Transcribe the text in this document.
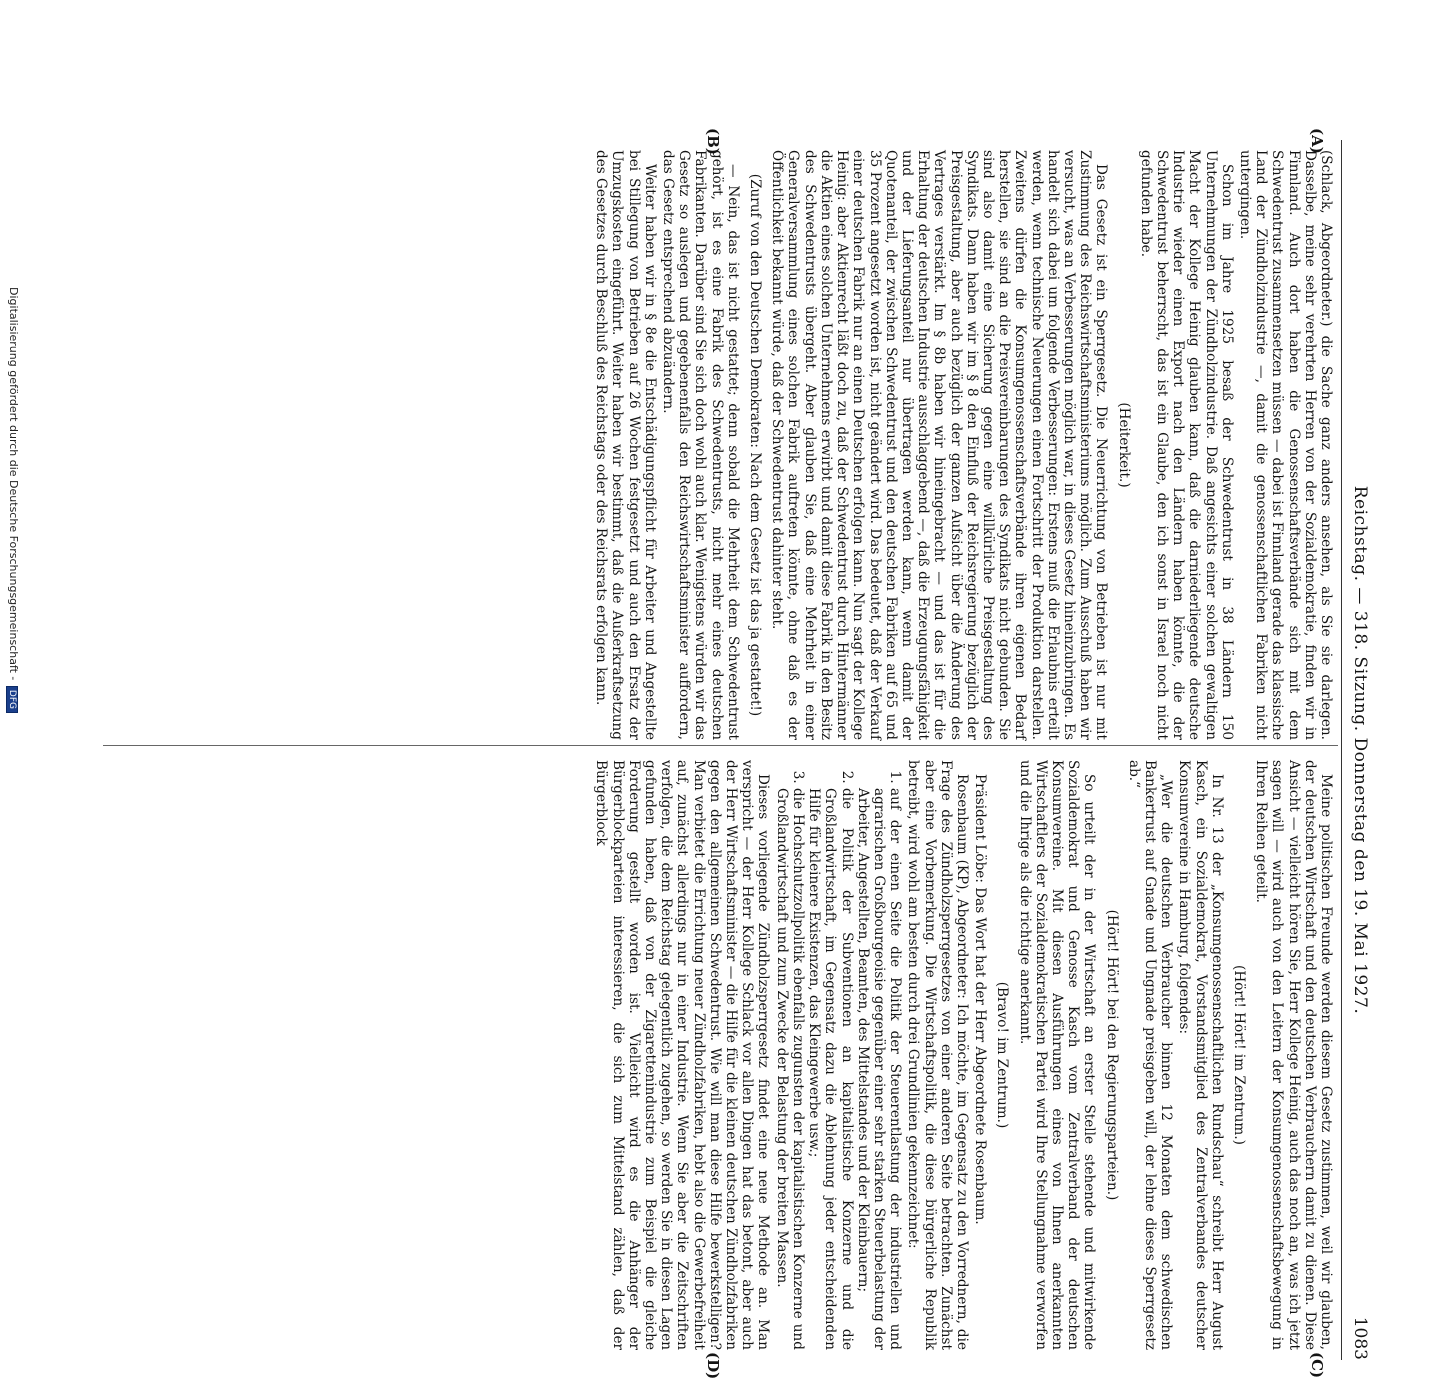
Reichstag. — 318. Sitzung. Donnerstag den 19. Mai 1927.
1083
(A)
(B)
(C)
(D)

(Schlack, Abgeordneter.) die Sache ganz anders ansehen, als Sie sie darlegen. Dasselbe, meine sehr verehrten Herren von der Sozialdemokratie, finden wir in Finnland. Auch dort haben die Genossenschaftsverbände sich mit dem Schwedentrust zusammensetzen müssen — dabei ist Finnland gerade das klassische Land der Zündholzindustrie —, damit die genossenschaftlichen Fabriken nicht untergingen.

Schon im Jahre 1925 besaß der Schwedentrust in 38 Ländern 150 Unternehmungen der Zündholzindustrie. Daß angesichts einer solchen gewaltigen Macht der Kollege Heinig glauben kann, daß die darniederliegende deutsche Industrie wieder einen Export nach den Ländern haben könnte, die der Schwedentrust beherrscht, das ist ein Glaube, den ich sonst in Israel noch nicht gefunden habe.

(Heiterkeit.)

Das Gesetz ist ein Sperrgesetz. Die Neuerrichtung von Betrieben ist nur mit Zustimmung des Reichswirtschaftsministeriums möglich. Zum Ausschuß haben wir versucht, was an Verbesserungen möglich war, in dieses Gesetz hineinzubringen. Es handelt sich dabei um folgende Verbesserungen: Erstens muß die Erlaubnis erteilt werden, wenn technische Neuerungen einen Fortschritt der Produktion darstellen. Zweitens dürfen die Konsumgenossenschaftsverbände ihren eigenen Bedarf herstellen, sie sind an die Preisvereinbarungen des Syndikats nicht gebunden. Sie sind also damit eine Sicherung gegen eine willkürliche Preisgestaltung des Syndikats. Dann haben wir im § 8 den Einfluß der Reichsregierung bezüglich der Preisgestaltung, aber auch bezüglich der ganzen Aufsicht über die Änderung des Vertrages verstärkt. Im § 8b haben wir hineingebracht — und das ist für die Erhaltung der deutschen Industrie ausschlaggebend —, daß die Erzeugungsfähigkeit und der Lieferungsanteil nur übertragen werden kann, wenn damit der Quotenanteil, der zwischen Schwedentrust und den deutschen Fabriken auf 65 und 35 Prozent angesetzt worden ist, nicht geändert wird. Das bedeutet, daß der Verkauf einer deutschen Fabrik nur an einen Deutschen erfolgen kann. Nun sagt der Kollege Heinig: aber Aktienrecht läßt doch zu, daß der Schwedentrust durch Hintermänner die Aktien eines solchen Unternehmens erwirbt und damit diese Fabrik in den Besitz des Schwedentrusts übergeht. Aber glauben Sie, daß eine Mehrheit in einer Generalversammlung eines solchen Fabrik auftreten könnte, ohne daß es der Öffentlichkeit bekannt würde, daß der Schwedentrust dahinter steht.

(Zuruf von den Deutschen Demokraten: Nach dem Gesetz ist das ja gestattet!)

— Nein, das ist nicht gestattet; denn sobald die Mehrheit dem Schwedentrust gehört, ist es eine Fabrik des Schwedentrusts, nicht mehr eines deutschen Fabrikanten. Darüber sind Sie sich doch wohl auch klar. Wenigstens würden wir das Gesetz so auslegen und gegebenenfalls den Reichswirtschaftsminister auffordern, das Gesetz entsprechend abzuändern.

Weiter haben wir in § 8e die Entschädigungspflicht für Arbeiter und Angestellte bei Stillegung von Betrieben auf 26 Wochen festgesetzt und auch den Ersatz der Umzugskosten eingeführt. Weiter haben wir bestimmt, daß die Außerkraftsetzung des Gesetzes durch Beschluß des Reichstags oder des Reichsrats erfolgen kann.

Meine politischen Freunde werden diesem Gesetz zustimmen, weil wir glauben, der deutschen Wirtschaft und den deutschen Verbrauchern damit zu dienen. Diese Ansicht — vielleicht hören Sie, Herr Kollege Heinig, auch das noch an, was ich jetzt sagen will — wird auch von den Leitern der Konsumgenossenschaftsbewegung in Ihren Reihen geteilt.

(Hört! Hört! im Zentrum.)

In Nr. 13 der „Konsumgenossenschaftlichen Rundschau“ schreibt Herr August Kasch, ein Sozialdemokrat, Vorstandsmitglied des Zentralverbandes deutscher Konsumvereine in Hamburg, folgendes:

„Wer die deutschen Verbraucher binnen 12 Monaten dem schwedischen Bankertrust auf Gnade und Ungnade preisgeben will, der lehne dieses Sperrgesetz ab.“

(Hört! Hört! bei den Regierungsparteien.)

So urteilt der in der Wirtschaft an erster Stelle stehende und mitwirkende Sozialdemokrat und Genosse Kasch vom Zentralverband der deutschen Konsumvereine. Mit diesen Ausführungen eines von Ihnen anerkannten Wirtschaftlers der Sozialdemokratischen Partei wird Ihre Stellungnahme verworfen und die Ihrige als die richtige anerkannt.

(Bravo! im Zentrum.)

Präsident Löbe: Das Wort hat der Herr Abgeordnete Rosenbaum.

Rosenbaum (KP), Abgeordneter: Ich möchte, im Gegensatz zu den Vorrednern, die Frage des Zündholzsperrgesetzes von einer anderen Seite betrachten. Zunächst aber eine Vorbemerkung. Die Wirtschaftspolitik, die diese bürgerliche Republik betreibt, wird wohl am besten durch drei Grundlinien gekennzeichnet:

1. auf der einen Seite die Politik der Steuerentlastung der industriellen und agrarischen Großbourgeoisie gegenüber einer sehr starken Steuerbelastung der Arbeiter, Angestellten, Beamten, des Mittelstandes und der Kleinbauern;
2. die Politik der Subventionen an kapitalistische Konzerne und die Großlandwirtschaft, im Gegensatz dazu die Ablehnung jeder entscheidenden Hilfe für kleinere Existenzen, das Kleingewerbe usw.;
3. die Hochschutzzollpolitik ebenfalls zugunsten der kapitalistischen Konzerne und Großlandwirtschaft und zum Zwecke der Belastung der breiten Massen.

Dieses vorliegende Zündholzsperrgesetz findet eine neue Methode an. Man verspricht — der Herr Kollege Schlack vor allen Dingen hat das betont, aber auch der Herr Wirtschaftsminister — die Hilfe für die kleinen deutschen Zündholzfabriken gegen den allgemeinen Schwedentrust. Wie will man diese Hilfe bewerkstelligen? Man verbietet die Errichtung neuer Zündholzfabriken, hebt also die Gewerbefreiheit auf, zunächst allerdings nur in einer Industrie. Wenn Sie aber die Zeitschriften verfolgen, die dem Reichstag gelegentlich zugehen, so werden Sie in diesen Lagen gefunden haben, daß von der Zigarettenindustrie zum Beispiel die gleiche Forderung gestellt worden ist. Vielleicht wird es die Anhänger der Bürgerblockparteien interessieren, die sich zum Mittelstand zählen, daß der Bürgerblock

Digitalisierung gefördert durch die Deutsche Forschungsgemeinschaft - DFG
